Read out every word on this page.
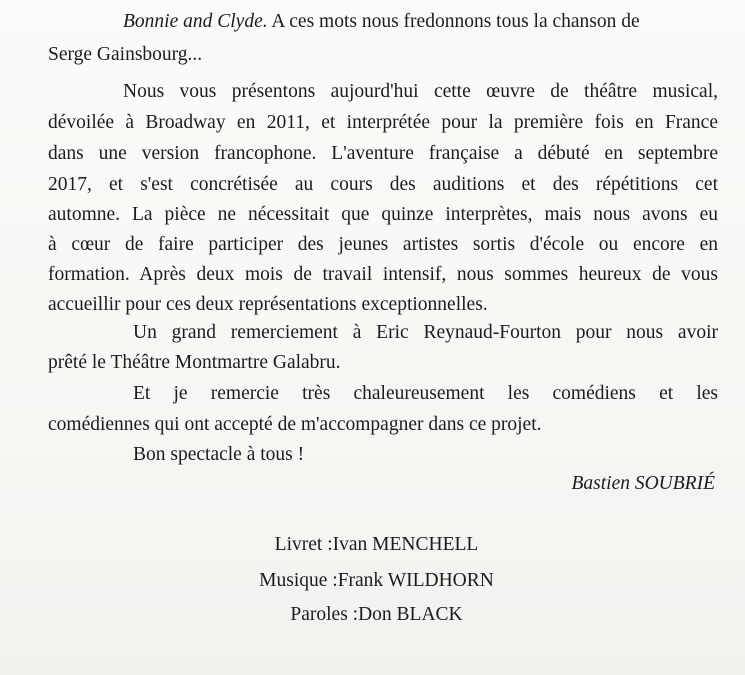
Bonnie and Clyde. A ces mots nous fredonnons tous la chanson de
Serge Gainsbourg...
Nous vous présentons aujourd'hui cette œuvre de théâtre musical,
dévoilée à Broadway en 2011, et interprétée pour la première fois en France
dans une version francophone. L'aventure française a débuté en septembre
2017, et s'est concrétisée au cours des auditions et des répétitions cet
automne. La pièce ne nécessitait que quinze interprètes, mais nous avons eu
à cœur de faire participer des jeunes artistes sortis d'école ou encore en
formation. Après deux mois de travail intensif, nous sommes heureux de vous
accueillir pour ces deux représentations exceptionnelles.
Un grand remerciement à Eric Reynaud-Fourton pour nous avoir
prêté le Théâtre Montmartre Galabru.
Et je remercie très chaleureusement les comédiens et les
comédiennes qui ont accepté de m'accompagner dans ce projet.
Bon spectacle à tous !
Bastien SOUBRIÉ
Livret :Ivan MENCHELL
Musique :Frank WILDHORN
Paroles :Don BLACK
